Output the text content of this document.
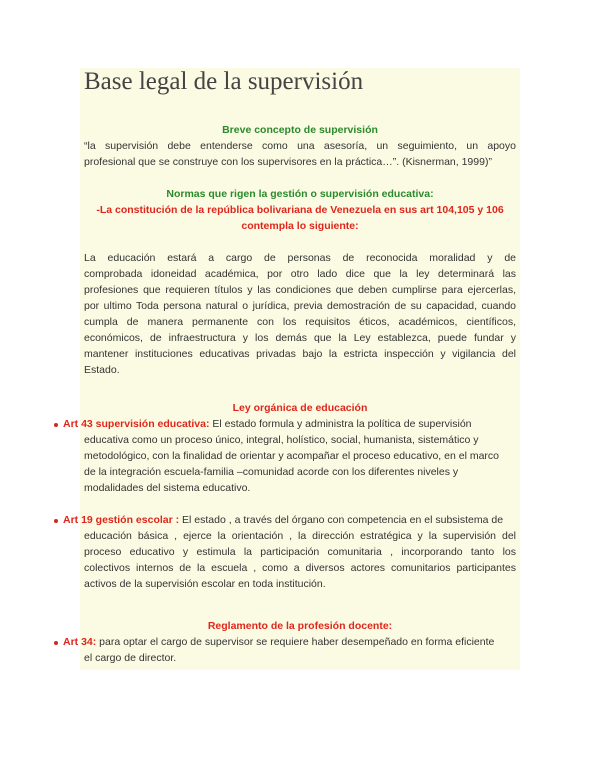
Base legal de la supervisión
Breve concepto de supervisión
“la supervisión debe entenderse como una asesoría, un seguimiento, un apoyo
profesional que se construye con los supervisores en la práctica…”. (Kisnerman, 1999)”
Normas que rigen la gestión o supervisión educativa:
-La constitución de la república bolivariana de Venezuela en sus art 104,105 y 106
contempla lo siguiente:
La educación estará a cargo de personas de reconocida moralidad y de
comprobada idoneidad académica, por otro lado dice que la ley determinará las
profesiones que requieren títulos y las condiciones que deben cumplirse para ejercerlas,
por ultimo Toda persona natural o jurídica, previa demostración de su capacidad, cuando
cumpla de manera permanente con los requisitos éticos, académicos, científicos,
económicos, de infraestructura y los demás que la Ley establezca, puede fundar y
mantener instituciones educativas privadas bajo la estricta inspección y vigilancia del
Estado.
Ley orgánica de educación
Art 43 supervisión educativa: El estado formula y administra la política de supervisión
educativa como un proceso único, integral, holístico, social, humanista, sistemático y
metodológico, con la finalidad de orientar y acompañar el proceso educativo, en el marco
de la integración escuela-familia –comunidad acorde con los diferentes niveles y
modalidades del sistema educativo.
Art 19 gestión escolar : El estado , a través del órgano con competencia en el subsistema de
educación básica , ejerce la orientación , la dirección estratégica y la supervisión del
proceso educativo y estimula la participación comunitaria , incorporando tanto los
colectivos internos de la escuela , como a diversos actores comunitarios participantes
activos de la supervisión escolar en toda institución.
Reglamento de la profesión docente:
Art 34: para optar el cargo de supervisor se requiere haber desempeñado en forma eficiente
el cargo de director.
